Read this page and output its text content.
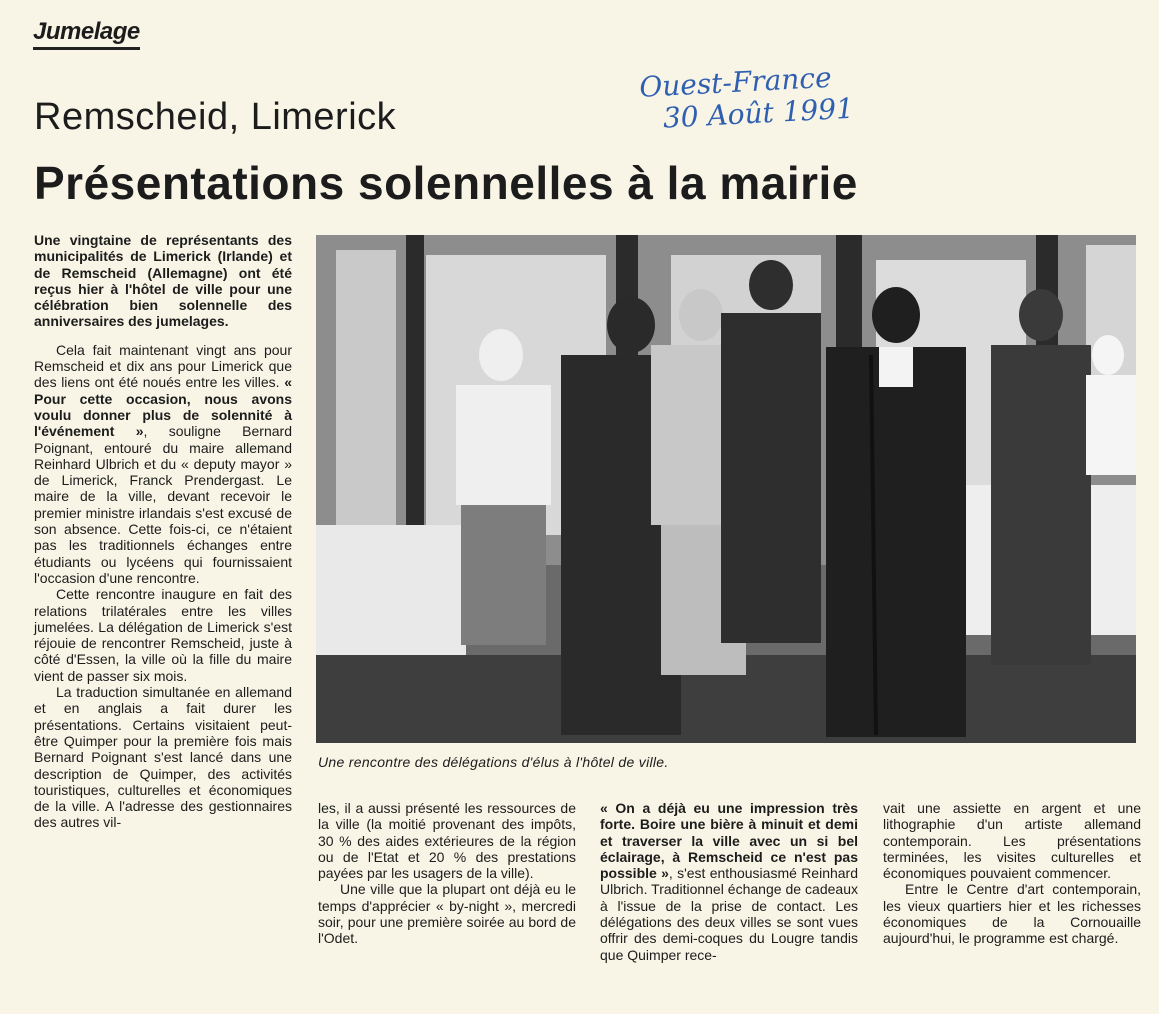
Jumelage
Ouest-France
30 Août 1991
Remscheid, Limerick
Présentations solennelles à la mairie

Une vingtaine de représentants des municipalités de Limerick (Irlande) et de Remscheid (Allemagne) ont été reçus hier à l'hôtel de ville pour une célébration bien solennelle des anniversaires des jumelages.

Cela fait maintenant vingt ans pour Remscheid et dix ans pour Limerick que des liens ont été noués entre les villes. « Pour cette occasion, nous avons voulu donner plus de solennité à l'événement », souligne Bernard Poignant, entouré du maire allemand Reinhard Ulbrich et du « deputy mayor » de Limerick, Franck Prendergast. Le maire de la ville, devant recevoir le premier ministre irlandais s'est excusé de son absence. Cette fois-ci, ce n'étaient pas les traditionnels échanges entre étudiants ou lycéens qui fournissaient l'occasion d'une rencontre.

Cette rencontre inaugure en fait des relations trilatérales entre les villes jumelées. La délégation de Limerick s'est réjouie de rencontrer Remscheid, juste à côté d'Essen, la ville où la fille du maire vient de passer six mois.

La traduction simultanée en allemand et en anglais a fait durer les présentations. Certains visitaient peut-être Quimper pour la première fois mais Bernard Poignant s'est lancé dans une description de Quimper, des activités touristiques, culturelles et économiques de la ville. A l'adresse des gestionnaires des autres vil-

Une rencontre des délégations d'élus à l'hôtel de ville.

les, il a aussi présenté les ressources de la ville (la moitié provenant des impôts, 30 % des aides extérieures de la région ou de l'Etat et 20 % des prestations payées par les usagers de la ville).

Une ville que la plupart ont déjà eu le temps d'apprécier « by-night », mercredi soir, pour une première soirée au bord de l'Odet.

« On a déjà eu une impression très forte. Boire une bière à minuit et demi et traverser la ville avec un si bel éclairage, à Remscheid ce n'est pas possible », s'est enthousiasmé Reinhard Ulbrich. Traditionnel échange de cadeaux à l'issue de la prise de contact. Les délégations des deux villes se sont vues offrir des demi-coques du Lougre tandis que Quimper rece-

vait une assiette en argent et une lithographie d'un artiste allemand contemporain. Les présentations terminées, les visites culturelles et économiques pouvaient commencer.

Entre le Centre d'art contemporain, les vieux quartiers hier et les richesses économiques de la Cornouaille aujourd'hui, le programme est chargé.
